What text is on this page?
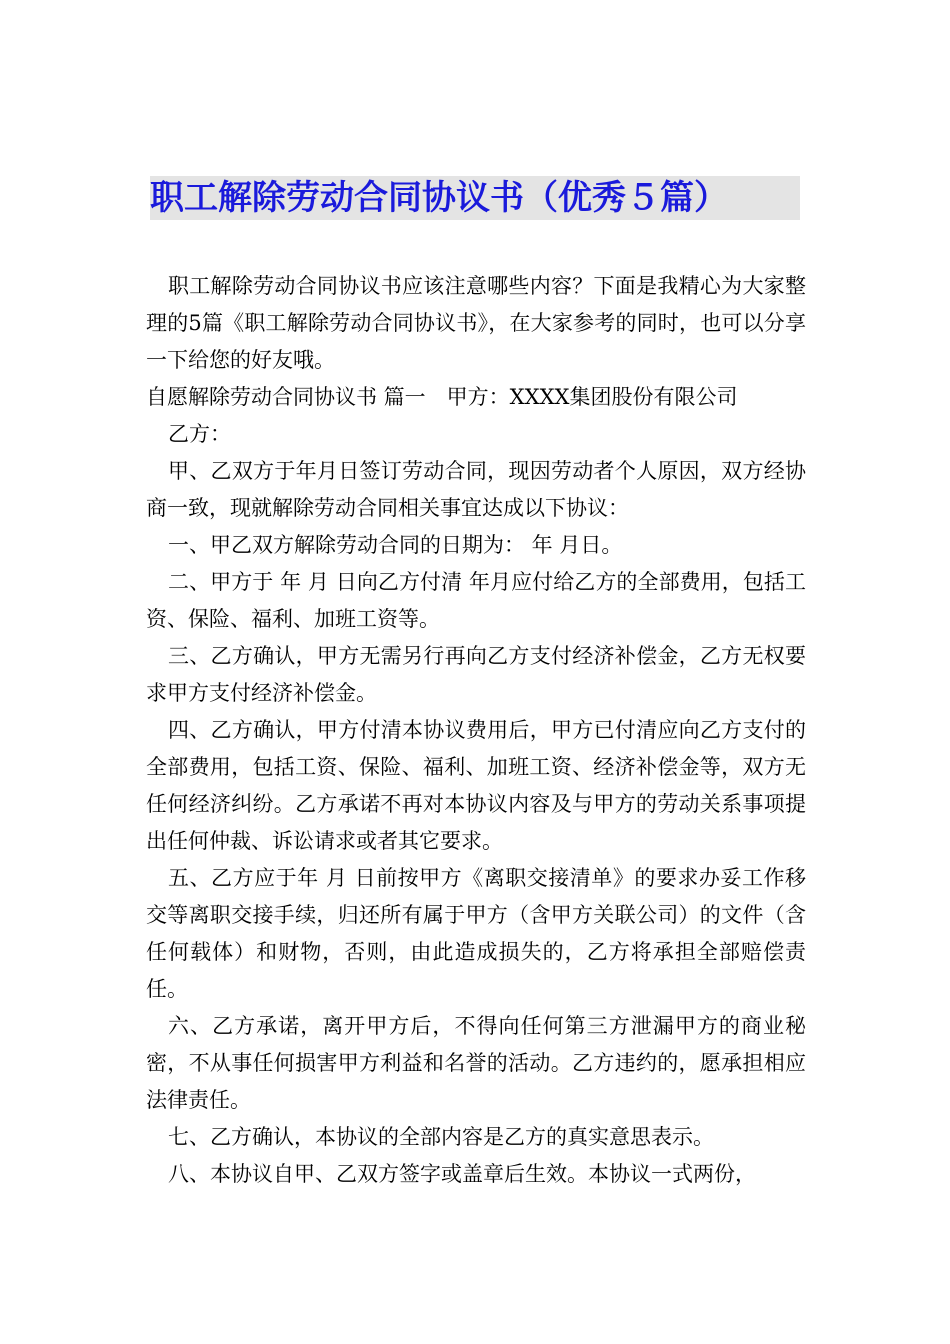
职工解除劳动合同协议书（优秀５篇）

职工解除劳动合同协议书应该注意哪些内容？下面是我精心为大家整理的5篇《职工解除劳动合同协议书》，在大家参考的同时，也可以分享一下给您的好友哦。

自愿解除劳动合同协议书 篇一　甲方：XXXX集团股份有限公司

乙方：

甲、乙双方于年月日签订劳动合同，现因劳动者个人原因，双方经协商一致，现就解除劳动合同相关事宜达成以下协议：

一、甲乙双方解除劳动合同的日期为： 年 月日。

二、甲方于 年 月 日向乙方付清 年月应付给乙方的全部费用，包括工资、保险、福利、加班工资等。

三、乙方确认，甲方无需另行再向乙方支付经济补偿金，乙方无权要求甲方支付经济补偿金。

四、乙方确认，甲方付清本协议费用后，甲方已付清应向乙方支付的全部费用，包括工资、保险、福利、加班工资、经济补偿金等，双方无任何经济纠纷。乙方承诺不再对本协议内容及与甲方的劳动关系事项提出任何仲裁、诉讼请求或者其它要求。

五、乙方应于年 月 日前按甲方《离职交接清单》的要求办妥工作移交等离职交接手续，归还所有属于甲方（含甲方关联公司）的文件（含任何载体）和财物，否则，由此造成损失的，乙方将承担全部赔偿责任。

六、乙方承诺，离开甲方后，不得向任何第三方泄漏甲方的商业秘密，不从事任何损害甲方利益和名誉的活动。乙方违约的，愿承担相应法律责任。

七、乙方确认，本协议的全部内容是乙方的真实意思表示。

八、本协议自甲、乙双方签字或盖章后生效。本协议一式两份，
